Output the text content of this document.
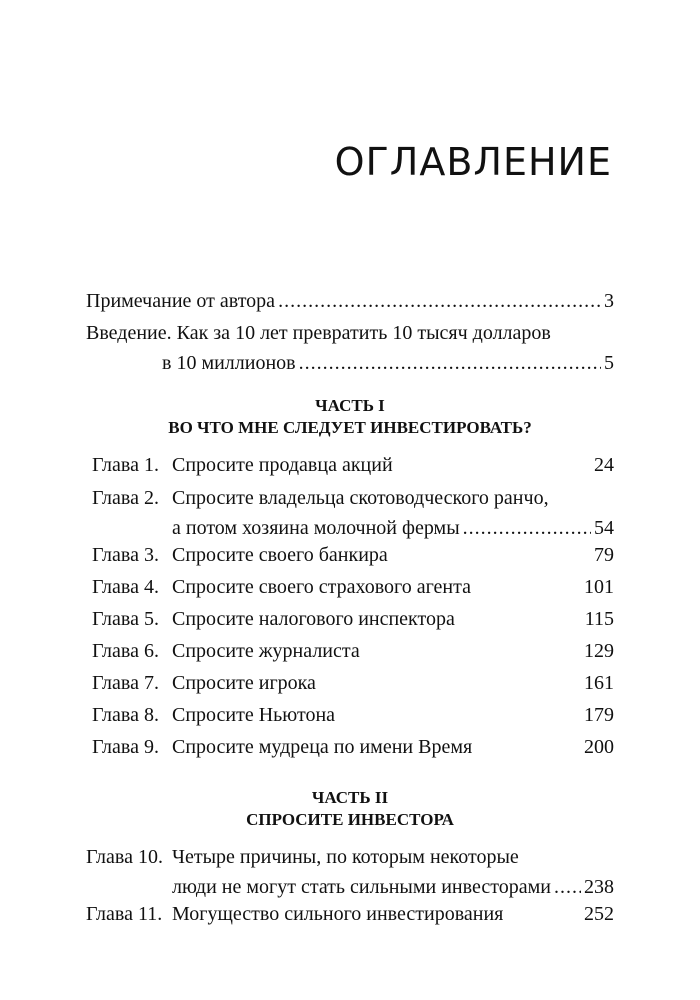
ОГЛАВЛЕНИЕ
Примечание от автора .....	3
Введение. Как за 10 лет превратить 10 тысяч долларов
в 10 миллионов .....	5
ЧАСТЬ I
ВО ЧТО МНЕ СЛЕДУЕТ ИНВЕСТИРОВАТЬ?
Глава 1. Спросите продавца акций	24
Глава 2. Спросите владельца скотоводческого ранчо,
а потом хозяина молочной фермы .....	54
Глава 3. Спросите своего банкира	79
Глава 4. Спросите своего страхового агента	101
Глава 5. Спросите налогового инспектора	115
Глава 6. Спросите журналиста	129
Глава 7. Спросите игрока	161
Глава 8. Спросите Ньютона	179
Глава 9. Спросите мудреца по имени Время	200
ЧАСТЬ II
СПРОСИТЕ ИНВЕСТОРА
Глава 10. Четыре причины, по которым некоторые
люди не могут стать сильными инвесторами ..... 238
Глава 11. Могущество сильного инвестирования	252
